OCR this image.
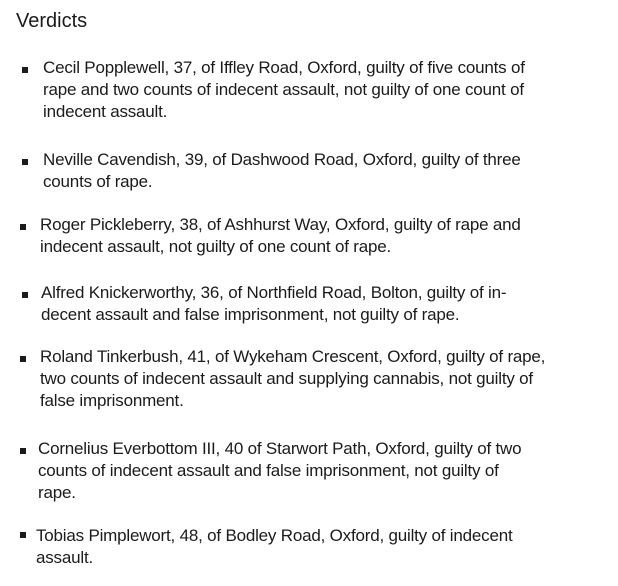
Verdicts

Cecil Popplewell, 37, of Iffley Road, Oxford, guilty of five counts of
rape and two counts of indecent assault, not guilty of one count of
indecent assault.

Neville Cavendish, 39, of Dashwood Road, Oxford, guilty of three
counts of rape.

Roger Pickleberry, 38, of Ashhurst Way, Oxford, guilty of rape and
indecent assault, not guilty of one count of rape.

Alfred Knickerworthy, 36, of Northfield Road, Bolton, guilty of in-
decent assault and false imprisonment, not guilty of rape.

Roland Tinkerbush, 41, of Wykeham Crescent, Oxford, guilty of rape,
two counts of indecent assault and supplying cannabis, not guilty of
false imprisonment.

Cornelius Everbottom III, 40 of Starwort Path, Oxford, guilty of two
counts of indecent assault and false imprisonment, not guilty of
rape.

Tobias Pimplewort, 48, of Bodley Road, Oxford, guilty of indecent
assault.
